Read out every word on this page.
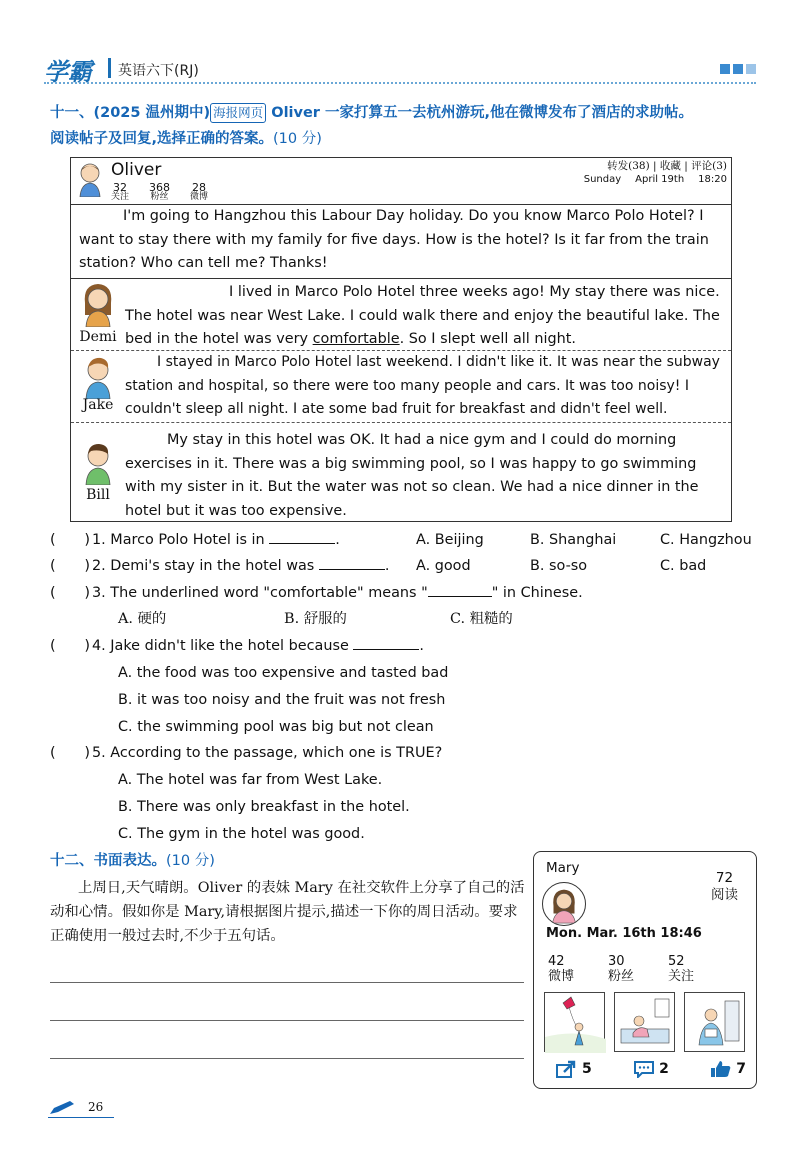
学霸 英语六下(RJ)
十一、(2025 温州期中) 海报网页 Oliver 一家打算五一去杭州游玩,他在微博发布了酒店的求助帖。
阅读帖子及回复,选择正确的答案。(10 分)
Oliver
32
关注
368
粉丝
28
微博
转发(38) | 收藏 | 评论(3)
Sunday April 19th 18:20

I'm going to Hangzhou this Labour Day holiday. Do you know Marco Polo Hotel? I want to stay there with my family for five days. How is the hotel? Is it far from the train station? Who can tell me? Thanks!

Demi

I lived in Marco Polo Hotel three weeks ago! My stay there was nice. The hotel was near West Lake. I could walk there and enjoy the beautiful lake. The bed in the hotel was very comfortable. So I slept well all night.

Jake

I stayed in Marco Polo Hotel last weekend. I didn't like it. It was near the subway station and hospital, so there were too many people and cars. It was too noisy! I couldn't sleep all night. I ate some bad fruit for breakfast and didn't feel well.

Bill

My stay in this hotel was OK. It had a nice gym and I could do morning exercises in it. There was a big swimming pool, so I was happy to go swimming with my sister in it. But the water was not so clean. We had a nice dinner in the hotel but it was too expensive.

(　　) 1. Marco Polo Hotel is in	.	A. Beijing	B. Shanghai	C. Hangzhou
(　　) 2. Demi's stay in the hotel was	. A. good	B. so-so	C. bad
(　　) 3. The underlined word "comfortable" means "	" in Chinese.
A. 硬的	B. 舒服的	C. 粗糙的
(　　) 4. Jake didn't like the hotel because	.
A. the food was too expensive and tasted bad
B. it was too noisy and the fruit was not fresh
C. the swimming pool was big but not clean
(　　) 5. According to the passage, which one is TRUE?
A. The hotel was far from West Lake.
B. There was only breakfast in the hotel.
C. The gym in the hotel was good.
十二、书面表达。(10 分)

上周日,天气晴朗。Oliver 的表妹 Mary 在社交软件上分享了自己的活动和心情。假如你是 Mary,请根据图片提示,描述一下你的周日活动。要求正确使用一般过去时,不少于五句话。

Mary
72
阅读
Mon. Mar. 16th 18:46
42
微博
30
粉丝
52
关注
5	2	7
26
